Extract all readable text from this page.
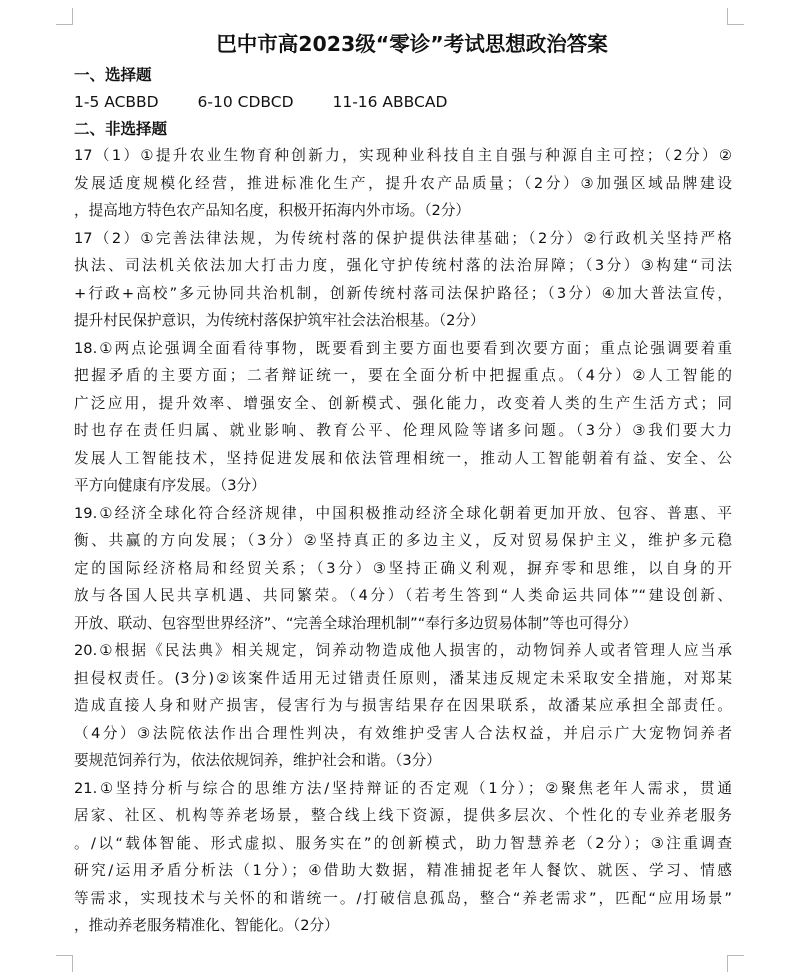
巴中市高2023级“零诊”考试思想政治答案
一、选择题
1-5 ACBBD	6-10 CDBCD	11-16 ABBCAD
二、非选择题
17（1）①提升农业生物育种创新力，实现种业科技自主自强与种源自主可控；（2分）②
发展适度规模化经营，推进标准化生产，提升农产品质量；（2分）③加强区域品牌建设
，提高地方特色农产品知名度，积极开拓海内外市场。（2分）
17（2）①完善法律法规，为传统村落的保护提供法律基础；（2分）②行政机关坚持严格
执法、司法机关依法加大打击力度，强化守护传统村落的法治屏障；（3分）③构建“司法
+行政+高校”多元协同共治机制，创新传统村落司法保护路径；（3分）④加大普法宣传，
提升村民保护意识，为传统村落保护筑牢社会法治根基。（2分）
18.①两点论强调全面看待事物，既要看到主要方面也要看到次要方面；重点论强调要着重
把握矛盾的主要方面；二者辩证统一，要在全面分析中把握重点。（4分）②人工智能的
广泛应用，提升效率、增强安全、创新模式、强化能力，改变着人类的生产生活方式；同
时也存在责任归属、就业影响、教育公平、伦理风险等诸多问题。（3分）③我们要大力
发展人工智能技术，坚持促进发展和依法管理相统一，推动人工智能朝着有益、安全、公
平方向健康有序发展。（3分）
19.①经济全球化符合经济规律，中国积极推动经济全球化朝着更加开放、包容、普惠、平
衡、共赢的方向发展；（3分）②坚持真正的多边主义，反对贸易保护主义，维护多元稳
定的国际经济格局和经贸关系；（3分）③坚持正确义利观，摒弃零和思维，以自身的开
放与各国人民共享机遇、共同繁荣。（4分）（若考生答到“人类命运共同体”“建设创新、
开放、联动、包容型世界经济”、“完善全球治理机制”“奉行多边贸易体制”等也可得分）
20.①根据《民法典》相关规定，饲养动物造成他人损害的，动物饲养人或者管理人应当承
担侵权责任。(3分)②该案件适用无过错责任原则，潘某违反规定未采取安全措施，对郑某
造成直接人身和财产损害，侵害行为与损害结果存在因果联系，故潘某应承担全部责任。
（4分）③法院依法作出合理性判决，有效维护受害人合法权益，并启示广大宠物饲养者
要规范饲养行为，依法依规饲养，维护社会和谐。（3分）
21.①坚持分析与综合的思维方法/坚持辩证的否定观（1分）；②聚焦老年人需求，贯通
居家、社区、机构等养老场景，整合线上线下资源，提供多层次、个性化的专业养老服务
。/以“载体智能、形式虚拟、服务实在”的创新模式，助力智慧养老（2分）；③注重调查
研究/运用矛盾分析法（1分）；④借助大数据，精准捕捉老年人餐饮、就医、学习、情感
等需求，实现技术与关怀的和谐统一。/打破信息孤岛，整合“养老需求”，匹配“应用场景”
，推动养老服务精准化、智能化。（2分）
